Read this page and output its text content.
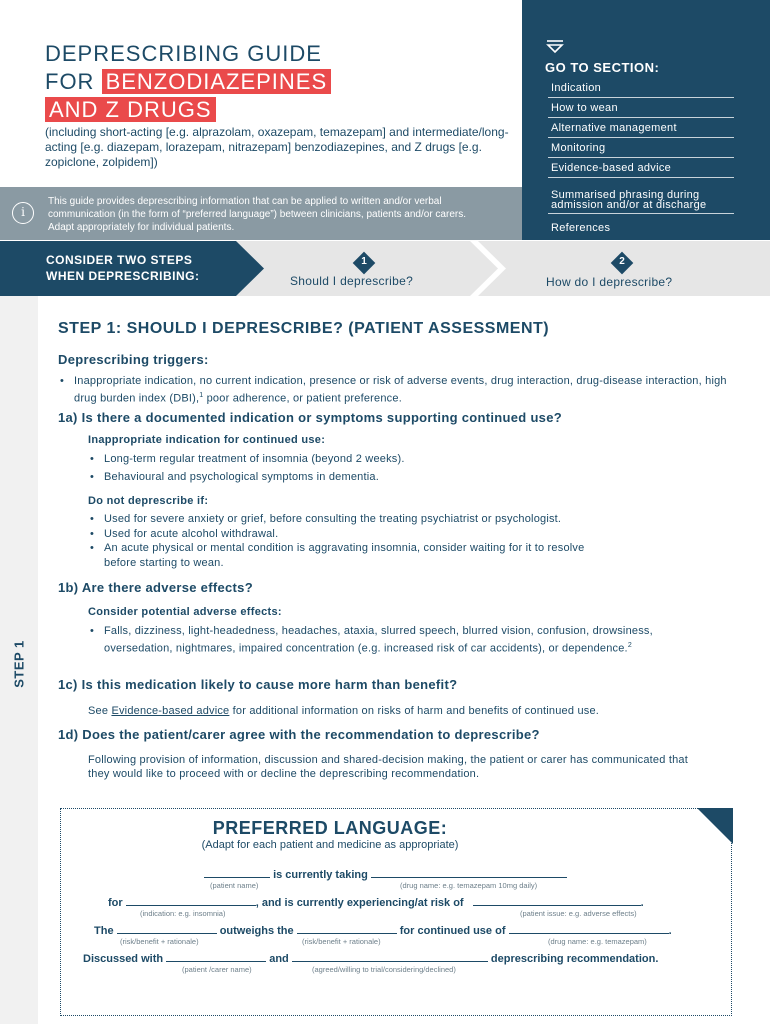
STEP 1
DEPRESCRIBING GUIDE
FOR BENZODIAZEPINES
AND Z DRUGS
(including short-acting [e.g. alprazolam, oxazepam, temazepam] and intermediate/long-acting [e.g. diazepam, lorazepam, nitrazepam] benzodiazepines, and Z drugs [e.g. zopiclone, zolpidem])
GO TO SECTION:
Indication
How to wean
Alternative management
Monitoring
Evidence-based advice
Summarised phrasing during admission and/or at discharge
References
i
This guide provides deprescribing information that can be applied to written and/or verbal communication (in the form of “preferred language”) between clinicians, patients and/or carers. Adapt appropriately for individual patients.
CONSIDER TWO STEPS
WHEN DEPRESCRIBING:
1
Should I deprescribe?
2
How do I deprescribe?
STEP 1: SHOULD I DEPRESCRIBE? (PATIENT ASSESSMENT)
Deprescribing triggers:
• Inappropriate indication, no current indication, presence or risk of adverse events, drug interaction, drug-disease interaction, high drug burden index (DBI),$^1$ poor adherence, or patient preference.
1a) Is there a documented indication or symptoms supporting continued use?
Inappropriate indication for continued use:
• Long-term regular treatment of insomnia (beyond 2 weeks).
• Behavioural and psychological symptoms in dementia.
Do not deprescribe if:
• Used for severe anxiety or grief, before consulting the treating psychiatrist or psychologist.
• Used for acute alcohol withdrawal.
• An acute physical or mental condition is aggravating insomnia, consider waiting for it to resolve before starting to wean.
1b) Are there adverse effects?
Consider potential adverse effects:
• Falls, dizziness, light-headedness, headaches, ataxia, slurred speech, blurred vision, confusion, drowsiness, oversedation, nightmares, impaired concentration (e.g. increased risk of car accidents), or dependence.$^2$
1c) Is this medication likely to cause more harm than benefit?
See Evidence-based advice for additional information on risks of harm and benefits of continued use.
1d) Does the patient/carer agree with the recommendation to deprescribe?
Following provision of information, discussion and shared-decision making, the patient or carer has communicated that they would like to proceed with or decline the deprescribing recommendation.
PREFERRED LANGUAGE:
(Adapt for each patient and medicine as appropriate)
is currently taking
(patient name)	(drug name: e.g. temazepam 10mg daily)
for	, and is currently experiencing/at risk of	.
(indication: e.g. insomnia)	(patient issue: e.g. adverse effects)
The	outweighs the	for continued use of	.
(risk/benefit + rationale)	(risk/benefit + rationale)	(drug name: e.g. temazepam)
Discussed with	and	deprescribing recommendation.
(patient /carer name)	(agreed/willing to trial/considering/declined)
